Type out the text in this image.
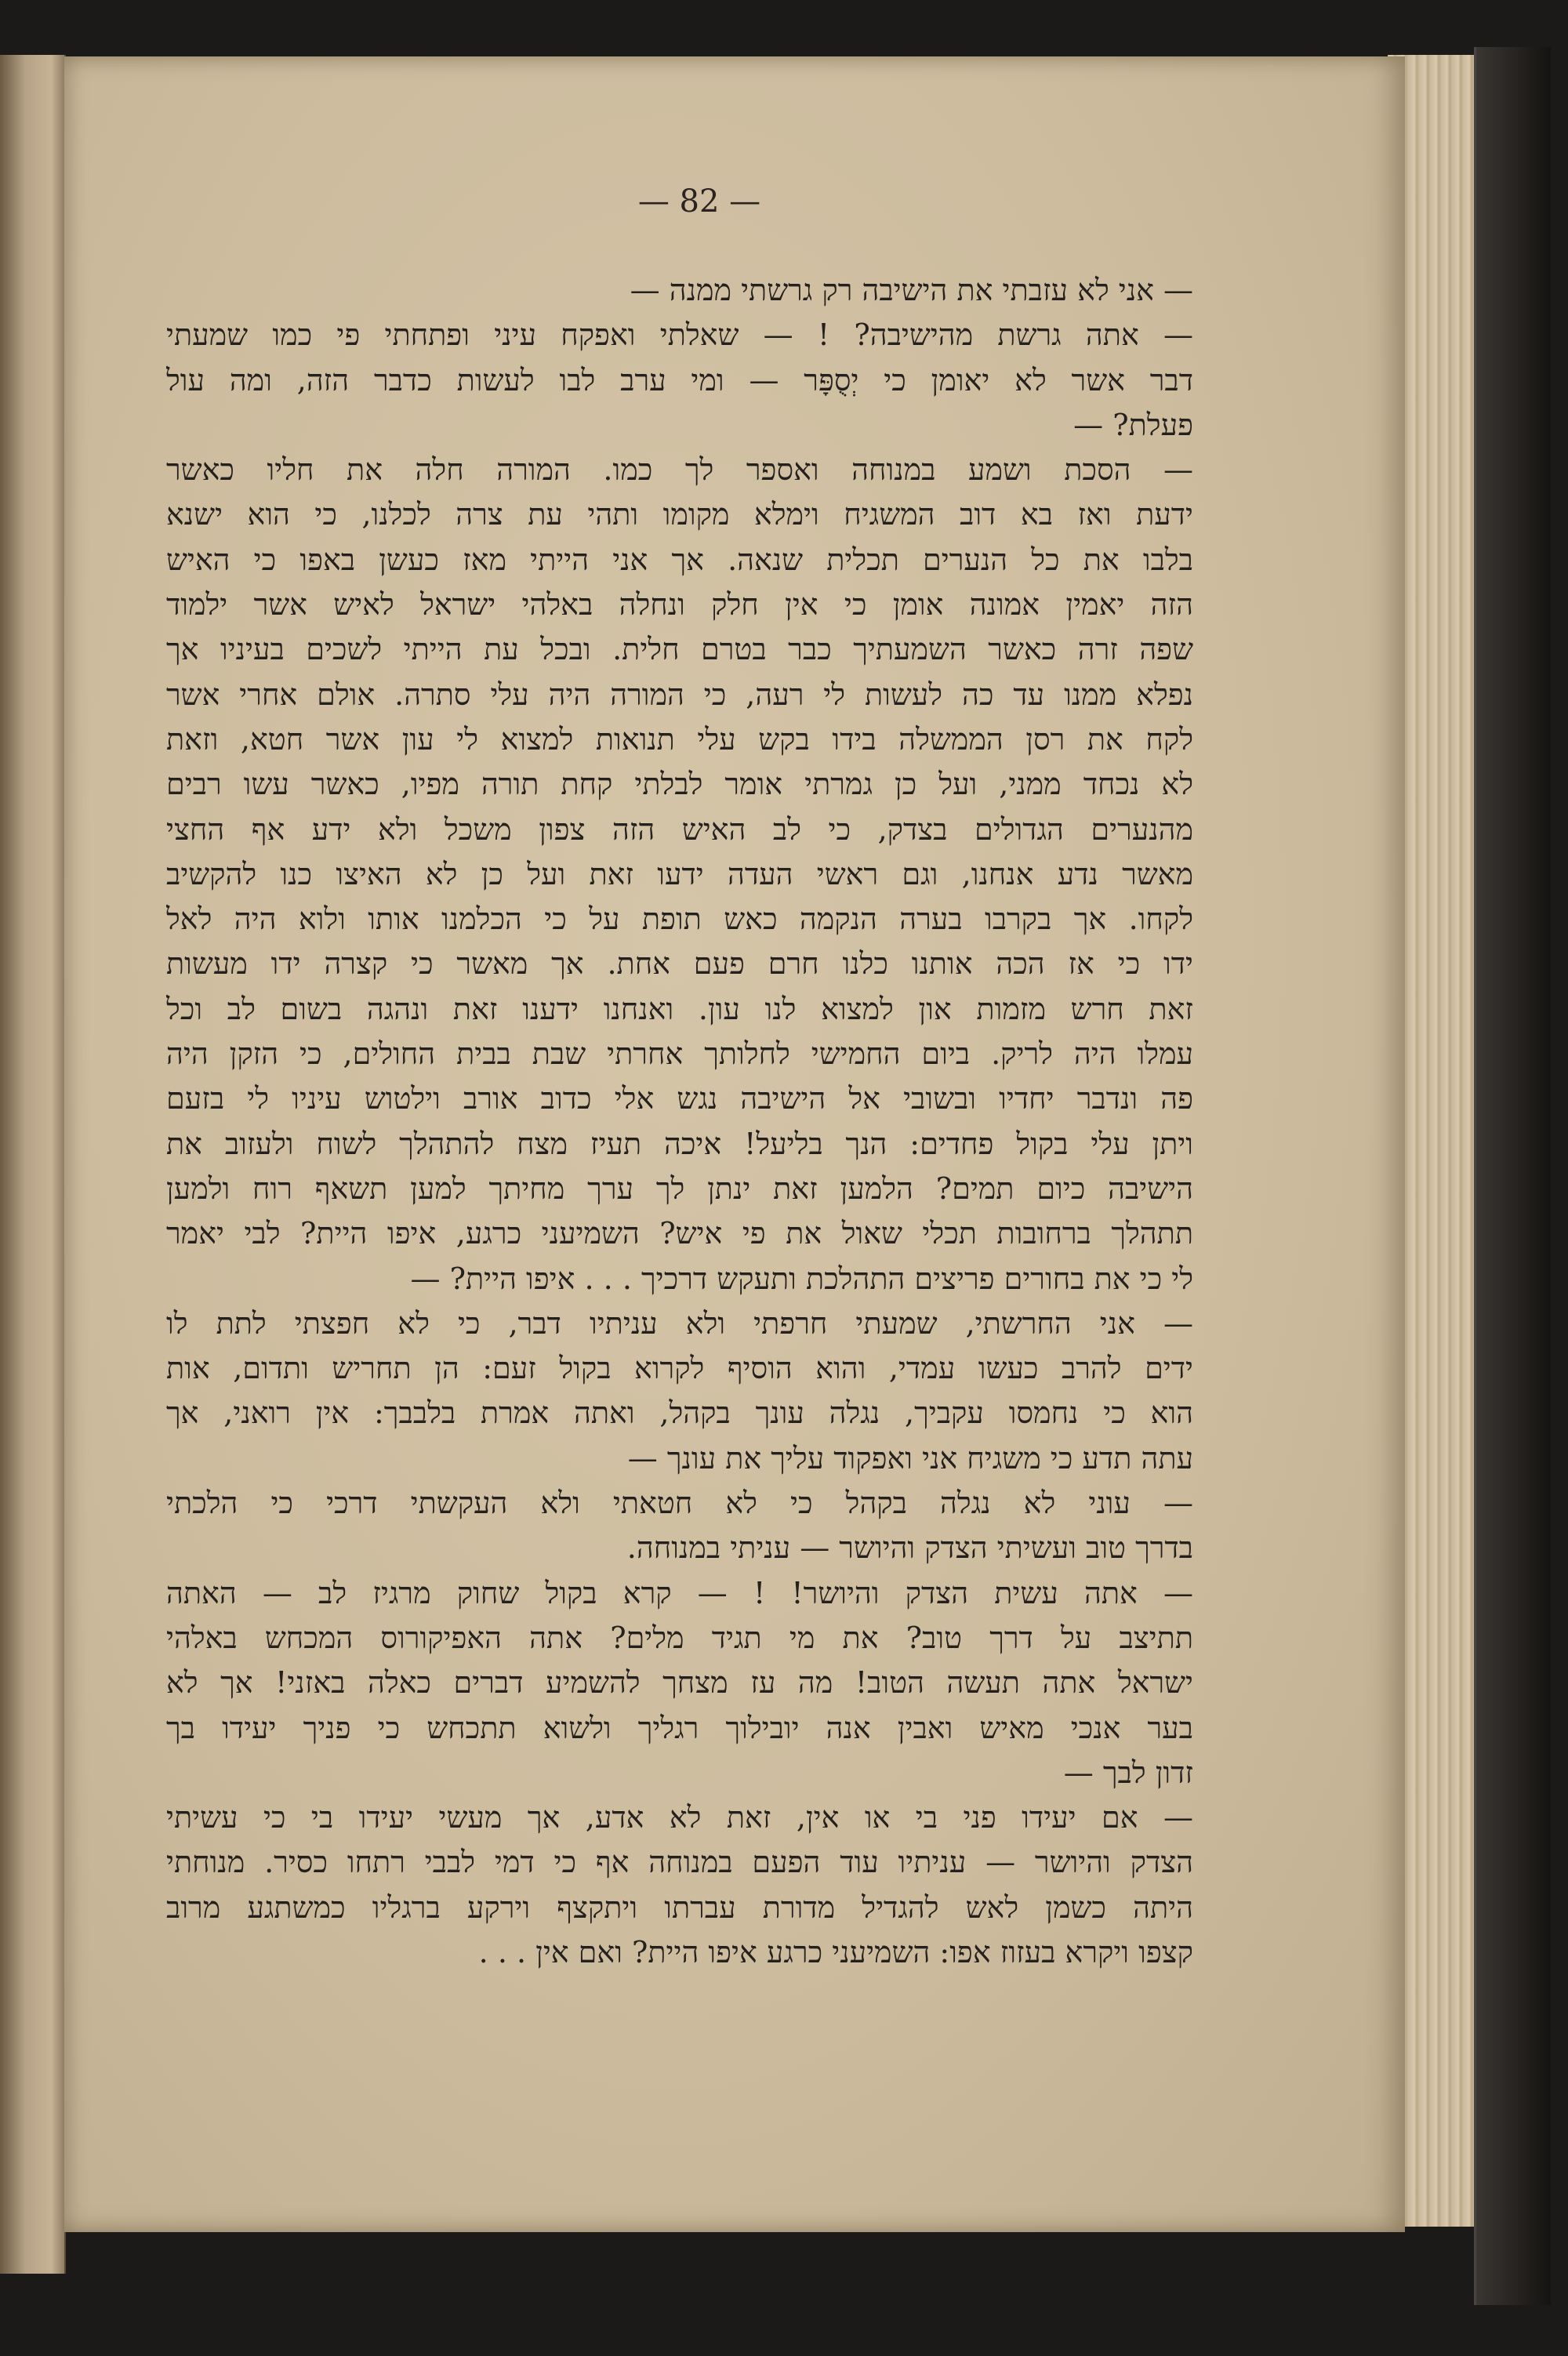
— 82 —
— אני לא עזבתי את הישיבה רק גרשתי ממנה —
— אתה גרשת מהישיבה? ! — שאלתי ואפקח עיני ופתחתי פי כמו שמעתי
דבר אשר לא יאומן כי יְסֻפָּר — ומי ערב לבו לעשות כדבר הזה, ומה עול
פעלת? —
— הסכת ושמע במנוחה ואספר לך כמו. המורה חלה את חליו כאשר
ידעת ואז בא דוב המשגיח וימלא מקומו ותהי עת צרה לכלנו, כי הוא ישנא
בלבו את כל הנערים תכלית שנאה. אך אני הייתי מאז כעשן באפו כי האיש
הזה יאמין אמונה אומן כי אין חלק ונחלה באלהי ישראל לאיש אשר ילמוד
שפה זרה כאשר השמעתיך כבר בטרם חלית. ובכל עת הייתי לשכים בעיניו אך
נפלא ממנו עד כה לעשות לי רעה, כי המורה היה עלי סתרה. אולם אחרי אשר
לקח את רסן הממשלה בידו בקש עלי תנואות למצוא לי עון אשר חטא, וזאת
לא נכחד ממני, ועל כן גמרתי אומר לבלתי קחת תורה מפיו, כאשר עשו רבים
מהנערים הגדולים בצדק, כי לב האיש הזה צפון משכל ולא ידע אף החצי
מאשר נדע אנחנו, וגם ראשי העדה ידעו זאת ועל כן לא האיצו כנו להקשיב
לקחו. אך בקרבו בערה הנקמה כאש תופת על כי הכלמנו אותו ולוא היה לאל
ידו כי אז הכה אותנו כלנו חרם פעם אחת. אך מאשר כי קצרה ידו מעשות
זאת חרש מזמות און למצוא לנו עון. ואנחנו ידענו זאת ונהגה בשום לב וכל
עמלו היה לריק. ביום החמישי לחלותך אחרתי שבת בבית החולים, כי הזקן היה
פה ונדבר יחדיו ובשובי אל הישיבה נגש אלי כדוב אורב וילטוש עיניו לי בזעם
ויתן עלי בקול פחדים: הנך בליעל! איכה תעיז מצח להתהלך לשוח ולעזוב את
הישיבה כיום תמים? הלמען זאת ינתן לך ערך מחיתך למען תשאף רוח ולמען
תתהלך ברחובות תכלי שאול את פי איש? השמיעני כרגע, איפו היית? לבי יאמר
לי כי את בחורים פריצים התהלכת ותעקש דרכיך . . . איפו היית? —
— אני החרשתי, שמעתי חרפתי ולא עניתיו דבר, כי לא חפצתי לתת לו
ידים להרב כעשו עמדי, והוא הוסיף לקרוא בקול זעם: הן תחריש ותדום, אות
הוא כי נחמסו עקביך, נגלה עונך בקהל, ואתה אמרת בלבבך: אין רואני, אך
עתה תדע כי משגיח אני ואפקוד עליך את עונך —
— עוני לא נגלה בקהל כי לא חטאתי ולא העקשתי דרכי כי הלכתי
בדרך טוב ועשיתי הצדק והיושר — עניתי במנוחה.
— אתה עשית הצדק והיושר! ! — קרא בקול שחוק מרגיז לב — האתה
תתיצב על דרך טוב? את מי תגיד מלים? אתה האפיקורוס המכחש באלהי
ישראל אתה תעשה הטוב! מה עז מצחך להשמיע דברים כאלה באזני! אך לא
בער אנכי מאיש ואבין אנה יובילוך רגליך ולשוא תתכחש כי פניך יעידו בך
זדון לבך —
— אם יעידו פני בי או אין, זאת לא אדע, אך מעשי יעידו בי כי עשיתי
הצדק והיושר — עניתיו עוד הפעם במנוחה אף כי דמי לבבי רתחו כסיר. מנוחתי
היתה כשמן לאש להגדיל מדורת עברתו ויתקצף וירקע ברגליו כמשתגע מרוב
קצפו ויקרא בעזוז אפו: השמיעני כרגע איפו היית? ואם אין . . .
